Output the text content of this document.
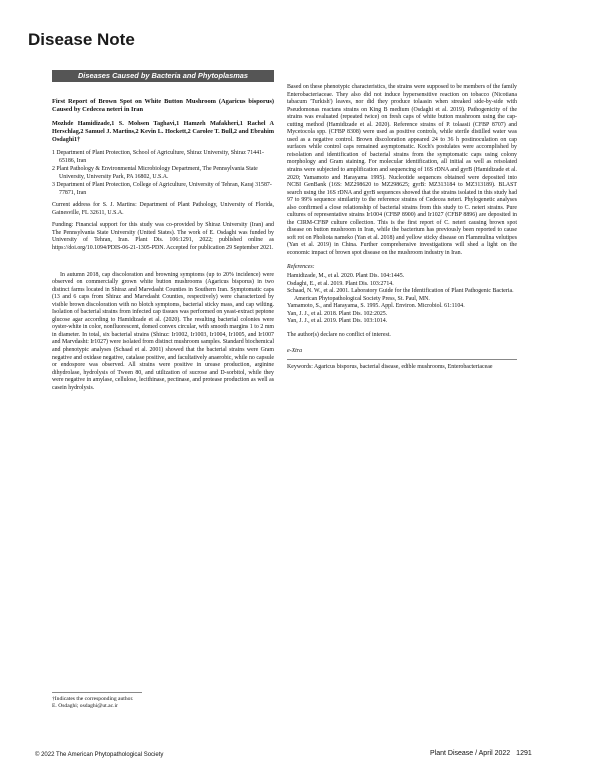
Disease Note
Diseases Caused by Bacteria and Phytoplasmas

First Report of Brown Spot on White Button Mushroom (Agaricus bisporus) Caused by Cedecea neteri in Iran

Mozhde Hamidizade,1 S. Mohsen Taghavi,1 Hamzeh Mafakheri,1 Rachel A Herschlag,2 Samuel J. Martins,2 Kevin L. Hockett,2 Carolee T. Bull,2 and Ebrahim Osdaghi1†

1 Department of Plant Protection, School of Agriculture, Shiraz University, Shiraz 71441-65186, Iran

2 Plant Pathology & Environmental Microbiology Department, The Pennsylvania State University, University Park, PA 16802, U.S.A.

3 Department of Plant Protection, College of Agriculture, University of Tehran, Karaj 31587-77871, Iran

Current address for S. J. Martins: Department of Plant Pathology, University of Florida, Gainesville, FL 32611, U.S.A.

Funding: Financial support for this study was co-provided by Shiraz University (Iran) and The Pennsylvania State University (United States). The work of E. Osdaghi was funded by University of Tehran, Iran. Plant Dis. 106:1291, 2022; published online as https://doi.org/10.1094/PDIS-06-21-1305-PDN. Accepted for publication 29 September 2021.

In autumn 2018, cap discoloration and browning symptoms (up to 20% incidence) were observed on commercially grown white button mushrooms (Agaricus bisporus) in two distinct farms located in Shiraz and Marvdasht Counties in Southern Iran. Symptomatic caps (13 and 6 caps from Shiraz and Marvdasht Counties, respectively) were characterized by visible brown discoloration with no blotch symptoms, bacterial sticky mass, and cap wilting. Isolation of bacterial strains from infected cap tissues was performed on yeast-extract peptone glucose agar according to Hamidizade et al. (2020). The resulting bacterial colonies were oyster-white in color, nonfluorescent, domed convex circular, with smooth margins 1 to 2 mm in diameter. In total, six bacterial strains (Shiraz: Ir1002, Ir1003, Ir1004, Ir1005, and Ir1007 and Marvdasht: Ir1027) were isolated from distinct mushroom samples. Standard biochemical and phenotypic analyses (Schaad et al. 2001) showed that the bacterial strains were Gram negative and oxidase negative, catalase positive, and facultatively anaerobic, while no capsule or endospore was observed. All strains were positive in urease production, arginine dihydrolase, hydrolysis of Tween 80, and utilization of sucrose and D-sorbitol, while they were negative in amylase, cellulose, lecithinase, pectinase, and protease production as well as casein hydrolysis.

Based on these phenotypic characteristics, the strains were supposed to be members of the family Enterobacteriaceae. They also did not induce hypersensitive reaction on tobacco (Nicotiana tabacum 'Turkish') leaves, nor did they produce tolaasin when streaked side-by-side with Pseudomonas reactans strains on King B medium (Osdaghi et al. 2019). Pathogenicity of the strains was evaluated (repeated twice) on fresh caps of white button mushroom using the cap-cutting method (Hamidizade et al. 2020). Reference strains of P. tolaasii (CFBP 8707) and Mycetocola spp. (CFBP 8308) were used as positive controls, while sterile distilled water was used as a negative control. Brown discoloration appeared 24 to 36 h postinoculation on cap surfaces while control caps remained asymptomatic. Koch's postulates were accomplished by reisolation and identification of bacterial strains from the symptomatic caps using colony morphology and Gram staining. For molecular identification, all initial as well as reisolated strains were subjected to amplification and sequencing of 16S rDNA and gyrB (Hamidizade et al. 2020; Yamamoto and Harayama 1995). Nucleotide sequences obtained were deposited into NCBI GenBank (16S: MZ298620 to MZ298625; gyrB: MZ313184 to MZ313189). BLAST search using the 16S rDNA and gyrB sequences showed that the strains isolated in this study had 97 to 99% sequence similarity to the reference strains of Cedecea neteri. Phylogenetic analyses also confirmed a close relationship of bacterial strains from this study to C. neteri strains. Pure cultures of representative strains Ir1004 (CFBP 8900) and Ir1027 (CFBP 8896) are deposited in the CIRM-CFBP culture collection. This is the first report of C. neteri causing brown spot disease on button mushroom in Iran, while the bacterium has previously been reported to cause soft rot on Pholiota nameko (Yan et al. 2018) and yellow sticky disease on Flammulina velutipes (Yan et al. 2019) in China. Further comprehensive investigations will shed a light on the economic impact of brown spot disease on the mushroom industry in Iran.

References:

Hamidizade, M., et al. 2020. Plant Dis. 104:1445.

Osdaghi, E., et al. 2019. Plant Dis. 103:2714.

Schaad, N. W., et al. 2001. Laboratory Guide for the Identification of Plant Pathogenic Bacteria. American Phytopathological Society Press, St. Paul, MN.

Yamamoto, S., and Harayama, S. 1995. Appl. Environ. Microbiol. 61:1104.

Yan, J. J., et al. 2018. Plant Dis. 102:2025.

Yan, J. J., et al. 2019. Plant Dis. 103:1014.

The author(s) declare no conflict of interest.

e-Xtra

Keywords: Agaricus bisporus, bacterial disease, edible mushrooms, Enterobacteriaceae

†Indicates the corresponding author.
E. Osdaghi; osdaghi@ut.ac.ir
© 2022 The American Phytopathological Society	Plant Disease / April 2022 1291
